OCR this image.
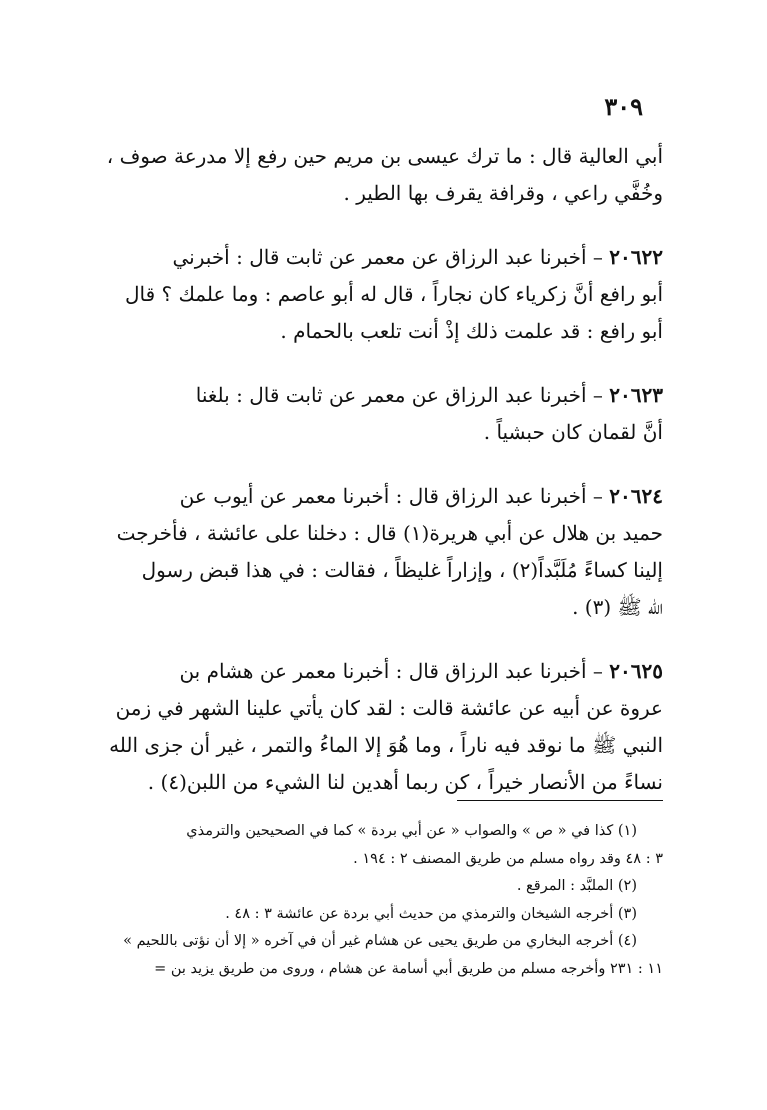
٣٠٩

أبي العالية قال : ما ترك عيسى بن مريم حين رفع إلا مدرعة صوف ،
وخُفَّي راعي ، وقرافة يقرف بها الطير .

٢٠٦٢٢ – أخبرنا عبد الرزاق عن معمر عن ثابت قال : أخبرني
أبو رافع أنَّ زكرياء كان نجاراً ، قال له أبو عاصم : وما علمك ؟ قال
أبو رافع : قد علمت ذلك إذْ أنت تلعب بالحمام .

٢٠٦٢٣ – أخبرنا عبد الرزاق عن معمر عن ثابت قال : بلغنا
أنَّ لقمان كان حبشياً .

٢٠٦٢٤ – أخبرنا عبد الرزاق قال : أخبرنا معمر عن أيوب عن
حميد بن هلال عن أبي هريرة(١) قال : دخلنا على عائشة ، فأخرجت
إلينا كساءً مُلَبَّداً(٢) ، وإزاراً غليظاً ، فقالت : في هذا قبض رسول
الله ﷺ (٣) .

٢٠٦٢٥ – أخبرنا عبد الرزاق قال : أخبرنا معمر عن هشام بن
عروة عن أبيه عن عائشة قالت : لقد كان يأتي علينا الشهر في زمن
النبي ﷺ ما نوقد فيه ناراً ، وما هُوَ إلا الماءُ والتمر ، غير أن جزى الله
نساءً من الأنصار خيراً ، كن ربما أهدين لنا الشيء من اللبن(٤) .

(١) كذا في « ص » والصواب « عن أبي بردة » كما في الصحيحين والترمذي
٣ : ٤٨ وقد رواه مسلم من طريق المصنف ٢ : ١٩٤ .
(٢) الملبَّد : المرقع .
(٣) أخرجه الشيخان والترمذي من حديث أبي بردة عن عائشة ٣ : ٤٨ .
(٤) أخرجه البخاري من طريق يحيى عن هشام غير أن في آخره « إلا أن نؤتى باللحيم »
١١ : ٢٣١ وأخرجه مسلم من طريق أبي أسامة عن هشام ، وروى من طريق يزيد بن =
